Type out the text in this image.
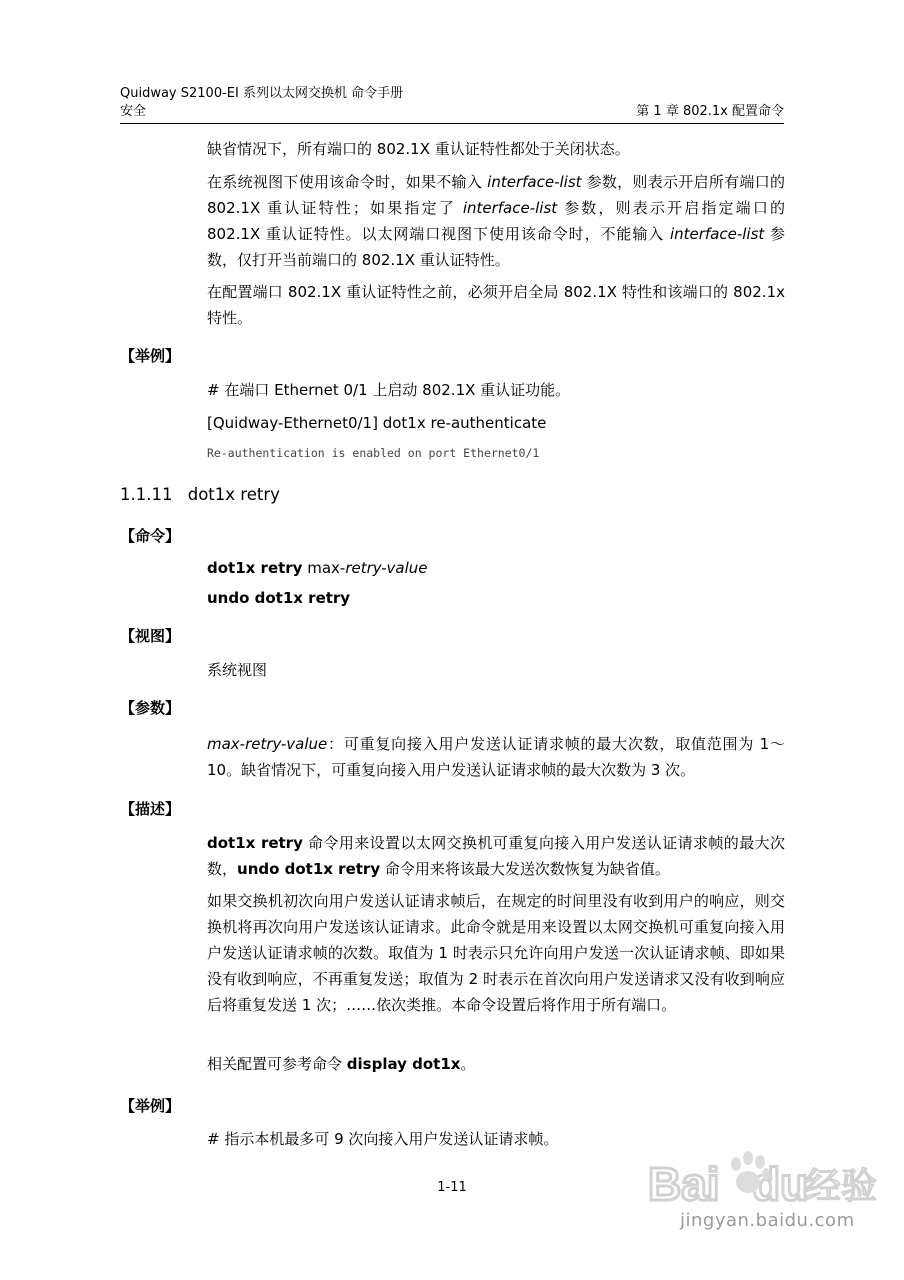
Quidway S2100-EI 系列以太网交换机 命令手册
安全	第 1 章 802.1x 配置命令
缺省情况下，所有端口的 802.1X 重认证特性都处于关闭状态。
在系统视图下使用该命令时，如果不输入 interface-list 参数，则表示开启所有端口的 802.1X 重认证特性；如果指定了 interface-list 参数，则表示开启指定端口的 802.1X 重认证特性。以太网端口视图下使用该命令时，不能输入 interface-list 参数，仅打开当前端口的 802.1X 重认证特性。
在配置端口 802.1X 重认证特性之前，必须开启全局 802.1X 特性和该端口的 802.1x 特性。
【举例】
# 在端口 Ethernet 0/1 上启动 802.1X 重认证功能。
[Quidway-Ethernet0/1] dot1x re-authenticate
Re-authentication is enabled on port Ethernet0/1
1.1.11 dot1x retry
【命令】
dot1x retry max-retry-value
undo dot1x retry
【视图】
系统视图
【参数】
max-retry-value：可重复向接入用户发送认证请求帧的最大次数，取值范围为 1～10。缺省情况下，可重复向接入用户发送认证请求帧的最大次数为 3 次。
【描述】
dot1x retry 命令用来设置以太网交换机可重复向接入用户发送认证请求帧的最大次数，undo dot1x retry 命令用来将该最大发送次数恢复为缺省值。
如果交换机初次向用户发送认证请求帧后，在规定的时间里没有收到用户的响应，则交换机将再次向用户发送该认证请求。此命令就是用来设置以太网交换机可重复向接入用户发送认证请求帧的次数。取值为 1 时表示只允许向用户发送一次认证请求帧、即如果没有收到响应，不再重复发送；取值为 2 时表示在首次向用户发送请求又没有收到响应后将重复发送 1 次；……依次类推。本命令设置后将作用于所有端口。
相关配置可参考命令 display dot1x。
【举例】
# 指示本机最多可 9 次向接入用户发送认证请求帧。
1-11	Bai du
经验
jingyan.baidu.com
